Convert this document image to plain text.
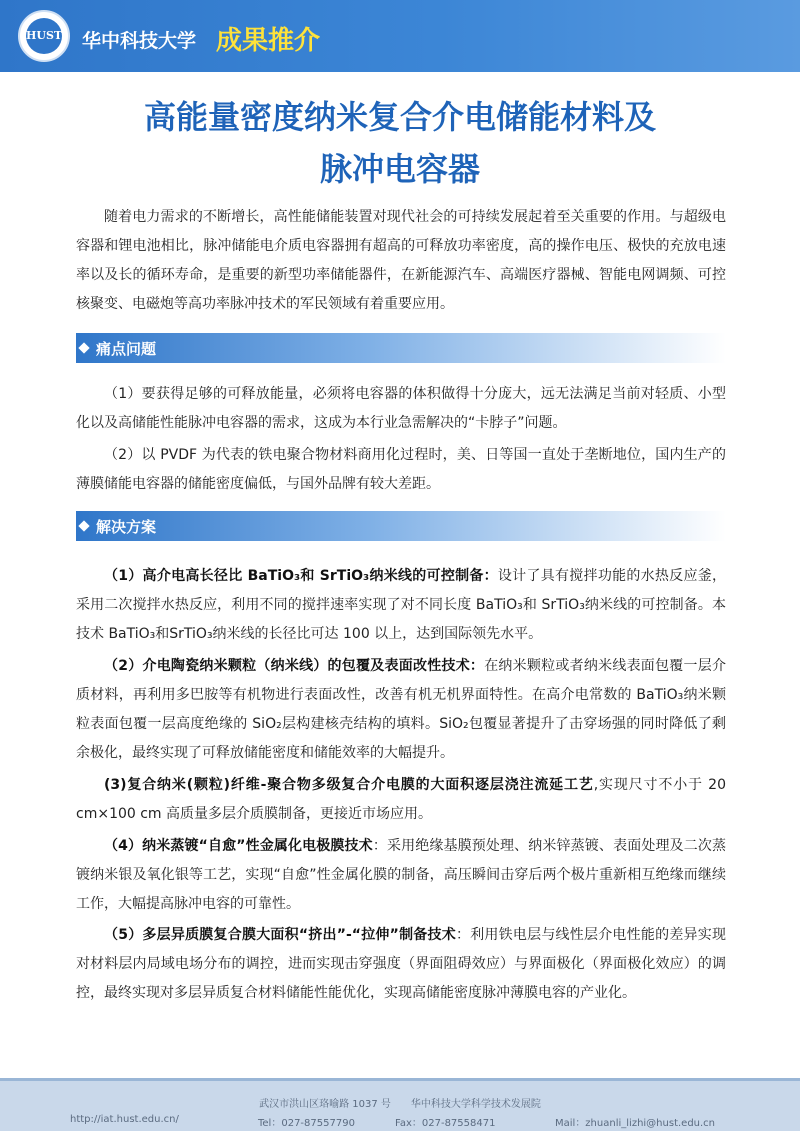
HUST 华中科技大学 成果推介
高能量密度纳米复合介电储能材料及
脉冲电容器

随着电力需求的不断增长，高性能储能装置对现代社会的可持续发展起着至关重要的作用。与超级电容器和锂电池相比，脉冲储能电介质电容器拥有超高的可释放功率密度，高的操作电压、极快的充放电速率以及长的循环寿命，是重要的新型功率储能器件，在新能源汽车、高端医疗器械、智能电网调频、可控核聚变、电磁炮等高功率脉冲技术的军民领域有着重要应用。

痛点问题

（1）要获得足够的可释放能量，必须将电容器的体积做得十分庞大，远无法满足当前对轻质、小型化以及高储能性能脉冲电容器的需求，这成为本行业急需解决的“卡脖子”问题。

（2）以 PVDF 为代表的铁电聚合物材料商用化过程时，美、日等国一直处于垄断地位，国内生产的薄膜储能电容器的储能密度偏低，与国外品牌有较大差距。

解决方案

（1）高介电高长径比 BaTiO₃和 SrTiO₃纳米线的可控制备：设计了具有搅拌功能的水热反应釜，采用二次搅拌水热反应，利用不同的搅拌速率实现了对不同长度 BaTiO₃和 SrTiO₃纳米线的可控制备。本技术 BaTiO₃和SrTiO₃纳米线的长径比可达 100 以上，达到国际领先水平。

（2）介电陶瓷纳米颗粒（纳米线）的包覆及表面改性技术：在纳米颗粒或者纳米线表面包覆一层介质材料，再利用多巴胺等有机物进行表面改性，改善有机无机界面特性。在高介电常数的 BaTiO₃纳米颗粒表面包覆一层高度绝缘的 SiO₂层构建核壳结构的填料。SiO₂包覆显著提升了击穿场强的同时降低了剩余极化，最终实现了可释放储能密度和储能效率的大幅提升。

(3)复合纳米(颗粒)纤维-聚合物多级复合介电膜的大面积逐层浇注流延工艺,实现尺寸不小于 20 cm×100 cm 高质量多层介质膜制备，更接近市场应用。

（4）纳米蒸镀“自愈”性金属化电极膜技术：采用绝缘基膜预处理、纳米锌蒸镀、表面处理及二次蒸镀纳米银及氧化银等工艺，实现“自愈”性金属化膜的制备，高压瞬间击穿后两个极片重新相互绝缘而继续工作，大幅提高脉冲电容的可靠性。

（5）多层异质膜复合膜大面积“挤出”-“拉伸”制备技术：利用铁电层与线性层介电性能的差异实现对材料层内局域电场分布的调控，进而实现击穿强度（界面阻碍效应）与界面极化（界面极化效应）的调控，最终实现对多层异质复合材料储能性能优化，实现高储能密度脉冲薄膜电容的产业化。

武汉市洪山区珞喻路 1037 号　　华中科技大学科学技术发展院
http://iat.hust.edu.cn/	Tel：027-87557790	Fax：027-87558471	Mail：zhuanli_lizhi@hust.edu.cn
